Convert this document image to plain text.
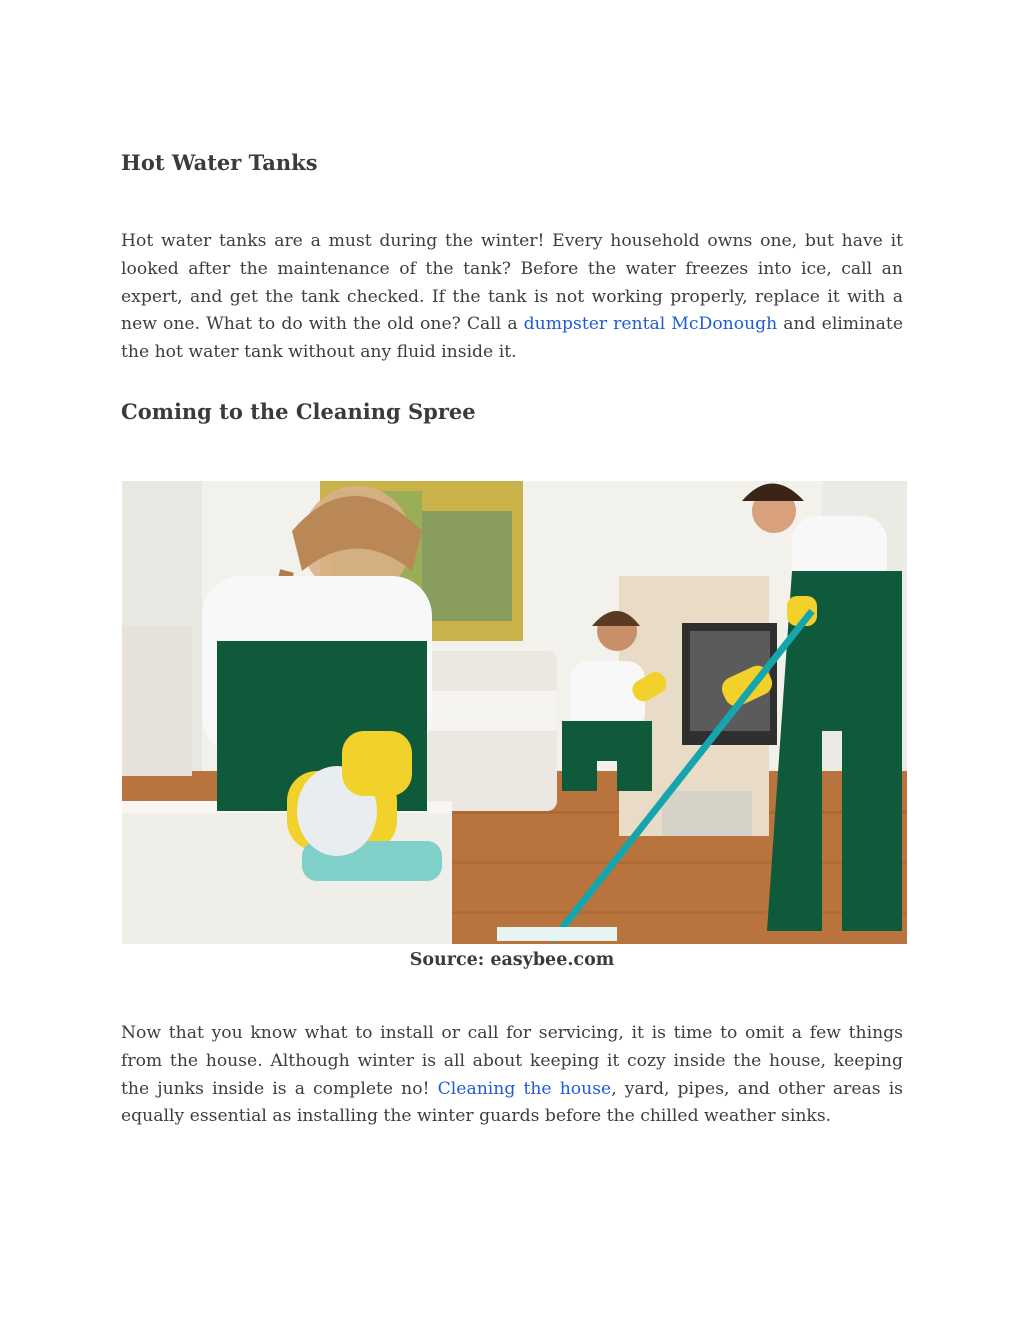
Hot Water Tanks

Hot water tanks are a must during the winter! Every household owns one, but have it looked after the maintenance of the tank? Before the water freezes into ice, call an expert, and get the tank checked. If the tank is not working properly, replace it with a new one. What to do with the old one? Call a dumpster rental McDonough and eliminate the hot water tank without any fluid inside it.

Coming to the Cleaning Spree
Source: easybee.com

Now that you know what to install or call for servicing, it is time to omit a few things from the house. Although winter is all about keeping it cozy inside the house, keeping the junks inside is a complete no! Cleaning the house, yard, pipes, and other areas is equally essential as installing the winter guards before the chilled weather sinks.
